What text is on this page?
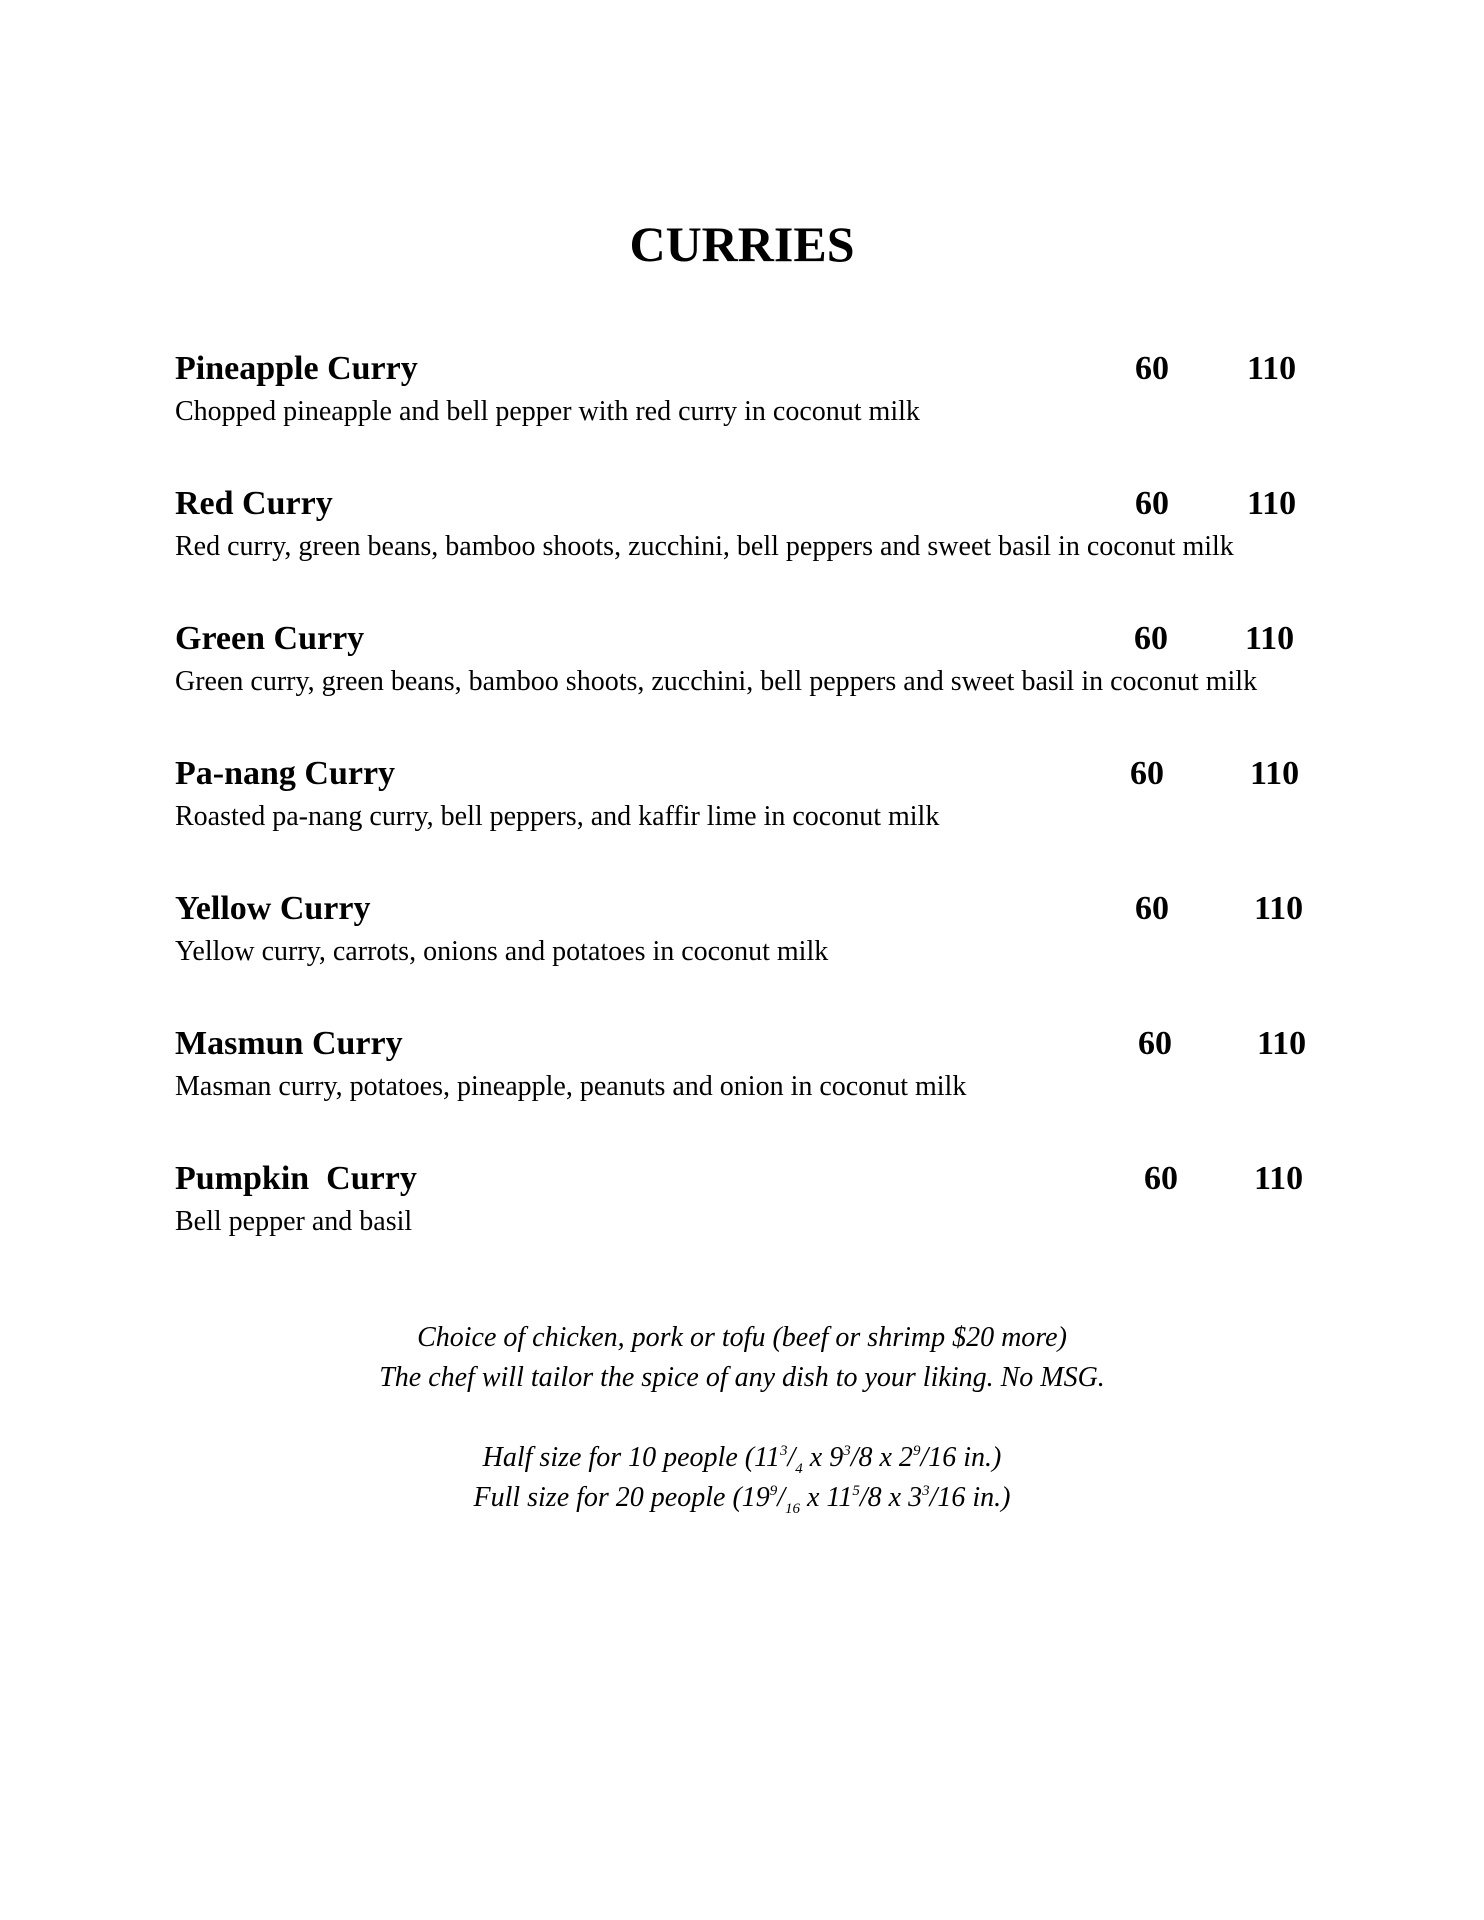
CURRIES
Pineapple Curry	60 110
Chopped pineapple and bell pepper with red curry in coconut milk
Red Curry	60 110
Red curry, green beans, bamboo shoots, zucchini, bell peppers and sweet basil in coconut milk
Green Curry	60 110
Green curry, green beans, bamboo shoots, zucchini, bell peppers and sweet basil in coconut milk
Pa-nang Curry	60	110
Roasted pa-nang curry, bell peppers, and kaffir lime in coconut milk
Yellow Curry	60	110
Yellow curry, carrots, onions and potatoes in coconut milk
Masmun Curry	60	110
Masman curry, potatoes, pineapple, peanuts and onion in coconut milk
Pumpkin  Curry	60 110
Bell pepper and basil
Choice of chicken, pork or tofu (beef or shrimp $20 more)
The chef will tailor the spice of any dish to your liking. No MSG.
Half size for 10 people ($11^3/_4$ x $9^3/8$ x $2^9/16$ in.)
Full size for 20 people ($19^9/_{16}$ x $11^5/8$ x $3^3/16$ in.)
